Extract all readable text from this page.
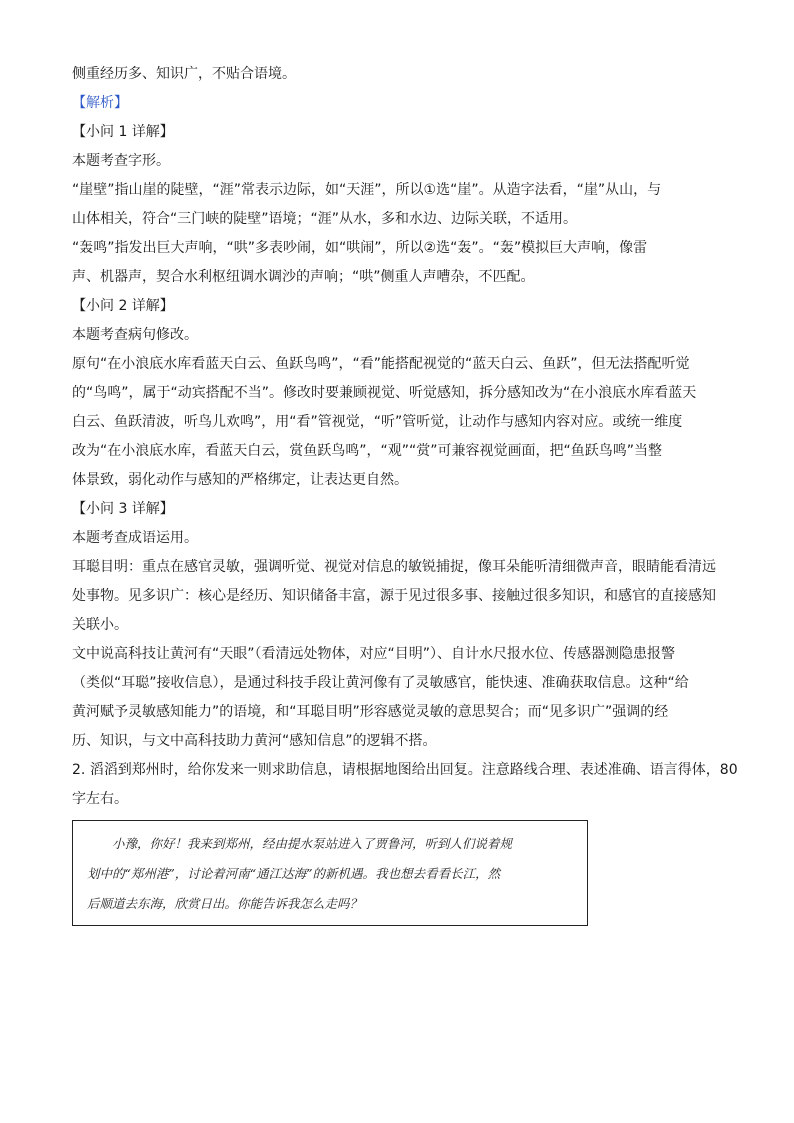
侧重经历多、知识广，不贴合语境。

【解析】

【小问 1 详解】

本题考查字形。

“崖壁”指山崖的陡壁，“涯”常表示边际，如“天涯”，所以①选“崖”。从造字法看，“崖”从山，与

山体相关，符合“三门峡的陡壁”语境；“涯”从水，多和水边、边际关联，不适用。

“轰鸣”指发出巨大声响，“哄”多表吵闹，如“哄闹”，所以②选“轰”。“轰”模拟巨大声响，像雷

声、机器声，契合水利枢纽调水调沙的声响；“哄”侧重人声嘈杂，不匹配。

【小问 2 详解】

本题考查病句修改。

原句“在小浪底水库看蓝天白云、鱼跃鸟鸣”，“看”能搭配视觉的“蓝天白云、鱼跃”，但无法搭配听觉

的“鸟鸣”，属于“动宾搭配不当”。修改时要兼顾视觉、听觉感知，拆分感知改为“在小浪底水库看蓝天

白云、鱼跃清波，听鸟儿欢鸣”，用“看”管视觉，“听”管听觉，让动作与感知内容对应。或统一维度

改为“在小浪底水库，看蓝天白云，赏鱼跃鸟鸣”，“观”“赏”可兼容视觉画面，把“鱼跃鸟鸣”当整

体景致，弱化动作与感知的严格绑定，让表达更自然。

【小问 3 详解】

本题考查成语运用。

耳聪目明：重点在感官灵敏，强调听觉、视觉对信息的敏锐捕捉，像耳朵能听清细微声音，眼睛能看清远

处事物。见多识广：核心是经历、知识储备丰富，源于见过很多事、接触过很多知识，和感官的直接感知

关联小。

文中说高科技让黄河有“天眼”（看清远处物体，对应“目明”）、自计水尺报水位、传感器测隐患报警

（类似“耳聪”接收信息），是通过科技手段让黄河像有了灵敏感官，能快速、准确获取信息。这种“给

黄河赋予灵敏感知能力”的语境，和“耳聪目明”形容感觉灵敏的意思契合；而“见多识广”强调的经

历、知识，与文中高科技助力黄河“感知信息”的逻辑不搭。

2. 滔滔到郑州时，给你发来一则求助信息，请根据地图给出回复。注意路线合理、表述准确、语言得体，80

字左右。

　　小豫，你好！我来到郑州，经由提水泵站进入了贾鲁河，听到人们说着规

划中的“郑州港”，讨论着河南“通江达海”的新机遇。我也想去看看长江，然

后顺道去东海，欣赏日出。你能告诉我怎么走吗？
